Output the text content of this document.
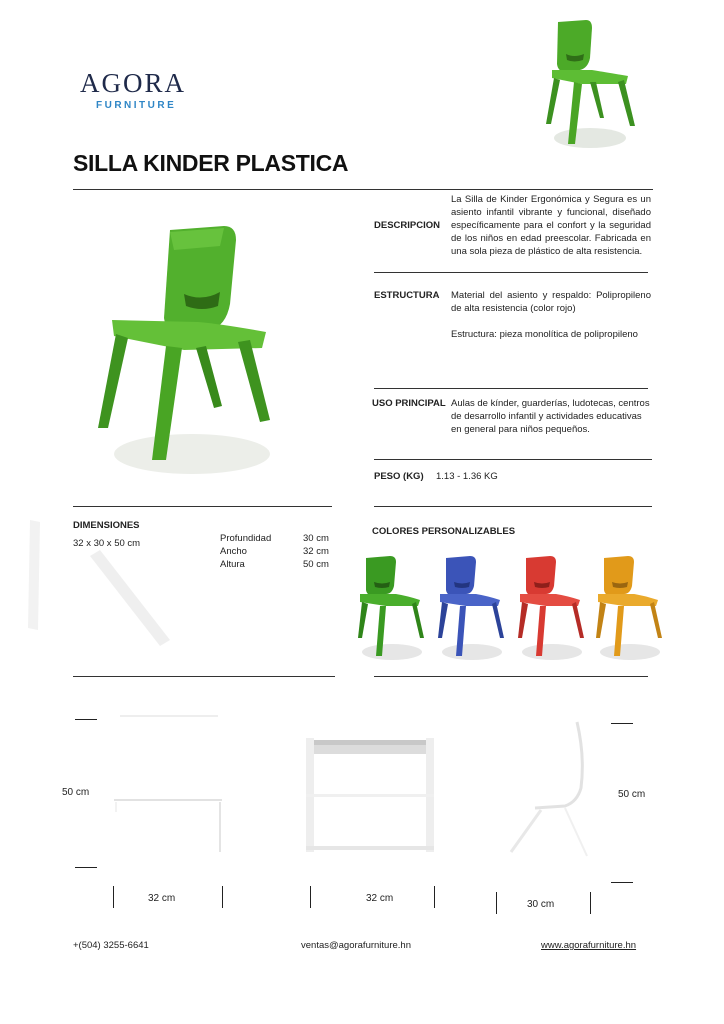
AGORA
FURNITURE
SILLA KINDER PLASTICA
DESCRIPCION
La Silla de Kinder Ergonómica y Segura es un asiento infantil vibrante y funcional, diseñado específicamente para el confort y la seguridad de los niños en edad preescolar. Fabricada en una sola pieza de plástico de alta resistencia.
ESTRUCTURA Material del asiento y respaldo: Polipropileno de alta resistencia (color rojo)
Estructura: pieza monolítica de polipropileno
USO PRINCIPAL Aulas de kínder, guarderías, ludotecas, centros de desarrollo infantil y actividades educativas en general para niños pequeños.
PESO (KG) 1.13 - 1.36 KG
DIMENSIONES
32 x 30 x 50 cm	Profundidad	30 cm
Ancho	32 cm
Altura	50 cm
COLORES PERSONALIZABLES
50 cm
32 cm	32 cm
50 cm
30 cm
+(504) 3255-6641	ventas@agorafurniture.hn	www.agorafurniture.hn
